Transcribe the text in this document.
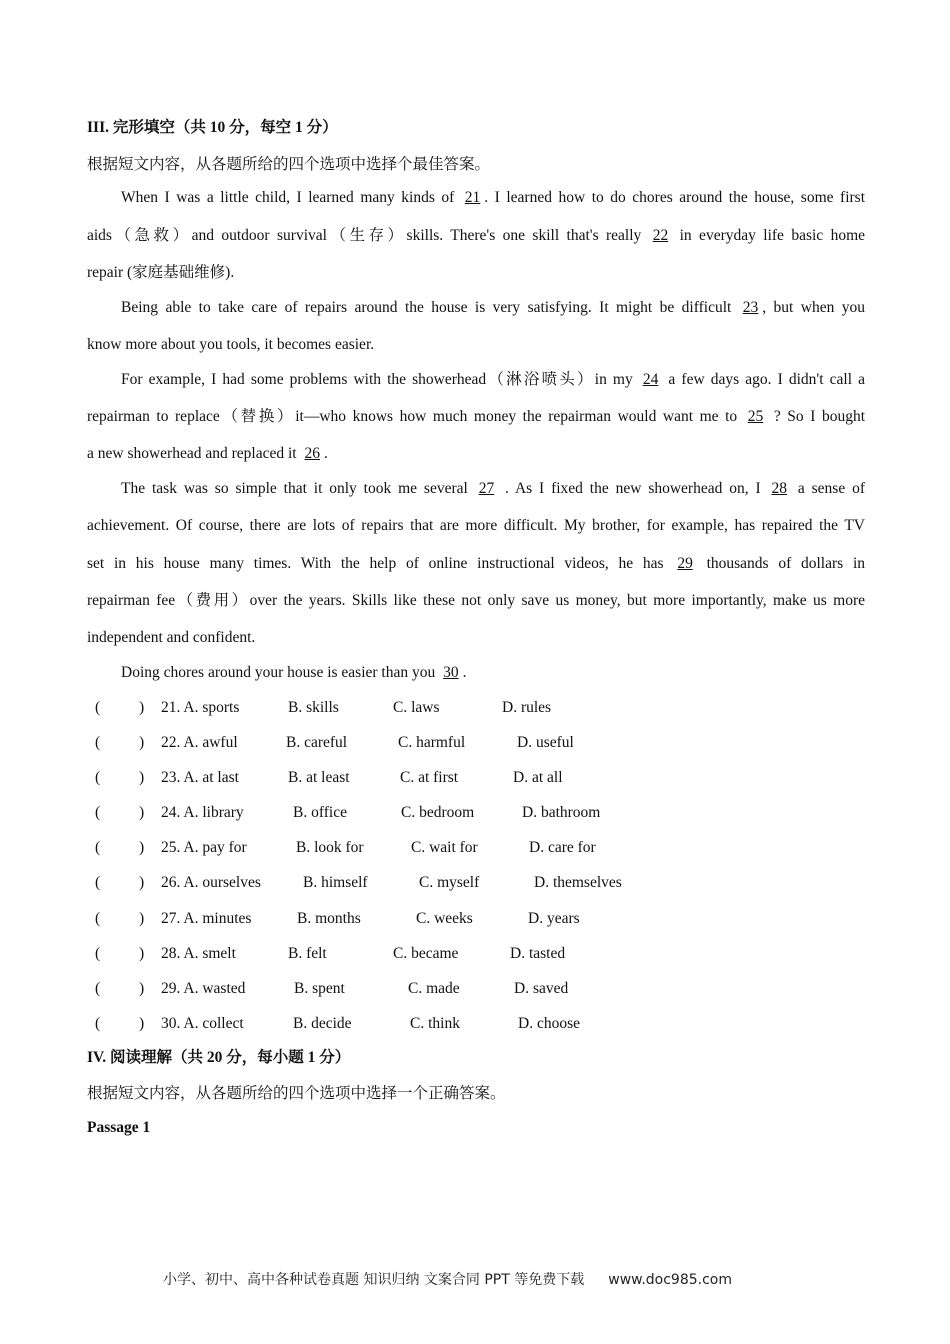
III. 完形填空（共 10 分，每空 1 分）
根据短文内容，从各题所给的四个选项中选择个最佳答案。
When I was a little child, I learned many kinds of 21 . I learned how to do chores around the house, some first
aids（急救）and outdoor survival（生存）skills. There's one skill that's really 22 in everyday life basic home
repair (家庭基础维修).
Being able to take care of repairs around the house is very satisfying. It might be difficult 23 , but when you
know more about you tools, it becomes easier.
For example, I had some problems with the showerhead（淋浴喷头）in my 24 a few days ago. I didn't call a
repairman to replace（替换）it—who knows how much money the repairman would want me to 25 ? So I bought
a new showerhead and replaced it 26 .
The task was so simple that it only took me several 27 . As I fixed the new showerhead on, I 28 a sense of
achievement. Of course, there are lots of repairs that are more difficult. My brother, for example, has repaired the TV
set in his house many times. With the help of online instructional videos, he has 29 thousands of dollars in
repairman fee（费用）over the years. Skills like these not only save us money, but more importantly, make us more
independent and confident.
Doing chores around your house is easier than you 30 .
(	) 21. A. sports	B. skills	C. laws	D. rules
(	) 22. A. awful	B. careful	C. harmful	D. useful
(	) 23. A. at last	B. at least	C. at first	D. at all
(	) 24. A. library	B. office	C. bedroom	D. bathroom
(	) 25. A. pay for	B. look for	C. wait for	D. care for
(	) 26. A. ourselves	B. himself	C. myself	D. themselves
(	) 27. A. minutes	B. months	C. weeks	D. years
(	) 28. A. smelt	B. felt	C. became	D. tasted
(	) 29. A. wasted	B. spent	C. made	D. saved
(	) 30. A. collect	B. decide	C. think	D. choose
IV. 阅读理解（共 20 分，每小题 1 分）
根据短文内容，从各题所给的四个选项中选择一个正确答案。
Passage 1
小学、初中、高中各种试卷真题 知识归纳 文案合同 PPT 等免费下载 www.doc985.com
